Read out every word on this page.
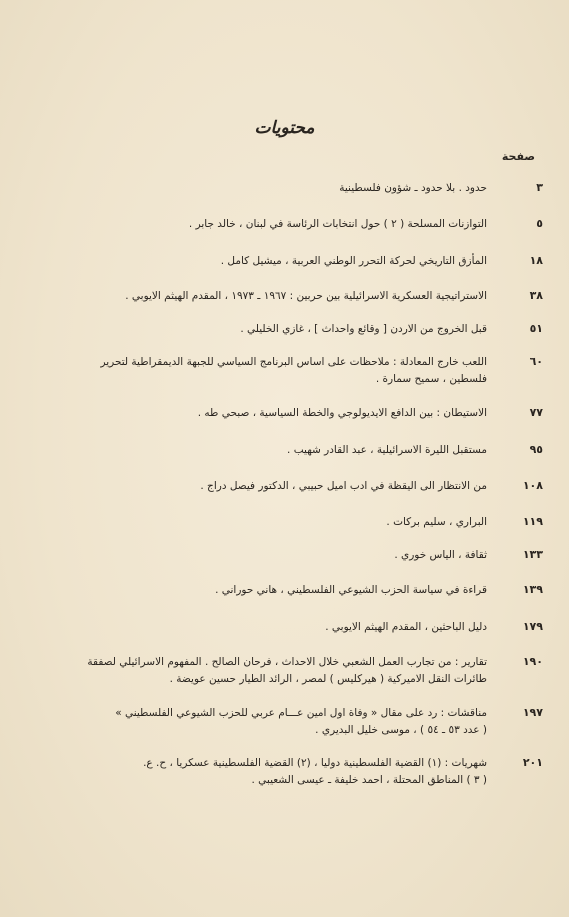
محتويات
صفحة
٣
حدود . بلا حدود ـ شؤون فلسطينية
٥
التوازنات المسلحة ( ٢ ) حول انتخابات الرئاسة في لبنان ، خالد جابر .
١٨
المأزق التاريخي لحركة التحرر الوطني العربية ، ميشيل كامل .
٣٨
الاستراتيجية العسكرية الاسرائيلية بين حربين : ١٩٦٧ ـ ١٩٧٣ ، المقدم الهيثم الايوبي .
٥١
قبل الخروج من الاردن [ وقائع واحداث ] ، غازي الخليلي .
٦٠
اللعب خارج المعادلة : ملاحظات على اساس البرنامج السياسي للجبهة الديمقراطية لتحرير
فلسطين ، سميح سمارة .
٧٧
الاستيطان : بين الدافع الايديولوجي والخطة السياسية ، صبحي طه .
٩٥
مستقبل الليرة الاسرائيلية ، عبد القادر شهيب .
١٠٨
من الانتظار الى اليقظة في ادب اميل حبيبي ، الدكتور فيصل دراج .
١١٩
البراري ، سليم بركات .
١٣٣
ثقافة ، الياس خوري .
١٣٩
قراءة في سياسة الحزب الشيوعي الفلسطيني ، هاني حوراني .
١٧٩
دليل الباحثين ، المقدم الهيثم الايوبي .
١٩٠
تقارير : من تجارب العمل الشعبي خلال الاحداث ، فرحان الصالح . المفهوم الاسرائيلي لصفقة
طائرات النقل الاميركية ( هيركليس ) لمصر ، الرائد الطيار حسين عويضة .
١٩٧
مناقشات : رد على مقال « وفاة اول امين عـــام عربي للحزب الشيوعي الفلسطيني »
( عدد ٥٣ ـ ٥٤ ) ، موسى خليل البديري .
٢٠١
شهريات : (١) القضية الفلسطينية دوليا ، (٢) القضية الفلسطينية عسكريا ، ح. ع.
( ٣ ) المناطق المحتلة ، احمد خليفة ـ عيسى الشعيبي .
